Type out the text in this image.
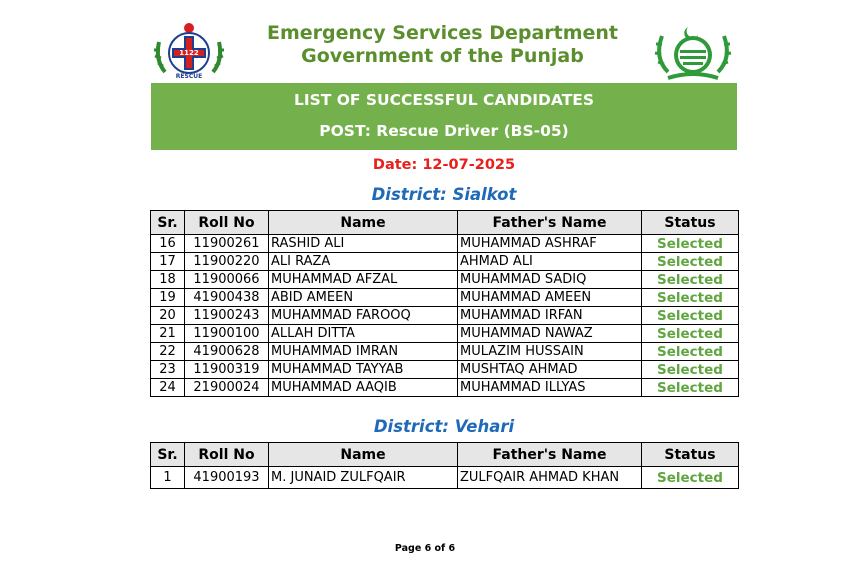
RESCUE
1122
Emergency Services Department
Government of the Punjab
LIST OF SUCCESSFUL CANDIDATES
POST: Rescue Driver (BS-05)
Date: 12-07-2025
District: Sialkot
Sr.	Roll No	Name	Father's Name	Status
16	11900261	RASHID ALI	MUHAMMAD ASHRAF	Selected
17	11900220	ALI RAZA	AHMAD ALI	Selected
18	11900066	MUHAMMAD AFZAL	MUHAMMAD SADIQ	Selected
19	41900438	ABID AMEEN	MUHAMMAD AMEEN	Selected
20	11900243	MUHAMMAD FAROOQ	MUHAMMAD IRFAN	Selected
21	11900100	ALLAH DITTA	MUHAMMAD NAWAZ	Selected
22	41900628	MUHAMMAD IMRAN	MULAZIM HUSSAIN	Selected
23	11900319	MUHAMMAD TAYYAB	MUSHTAQ AHMAD	Selected
24	21900024	MUHAMMAD AAQIB	MUHAMMAD ILLYAS	Selected
District: Vehari
Sr.	Roll No	Name	Father's Name	Status
1	41900193	M. JUNAID ZULFQAIR	ZULFQAIR AHMAD KHAN	Selected
Page 6 of 6
